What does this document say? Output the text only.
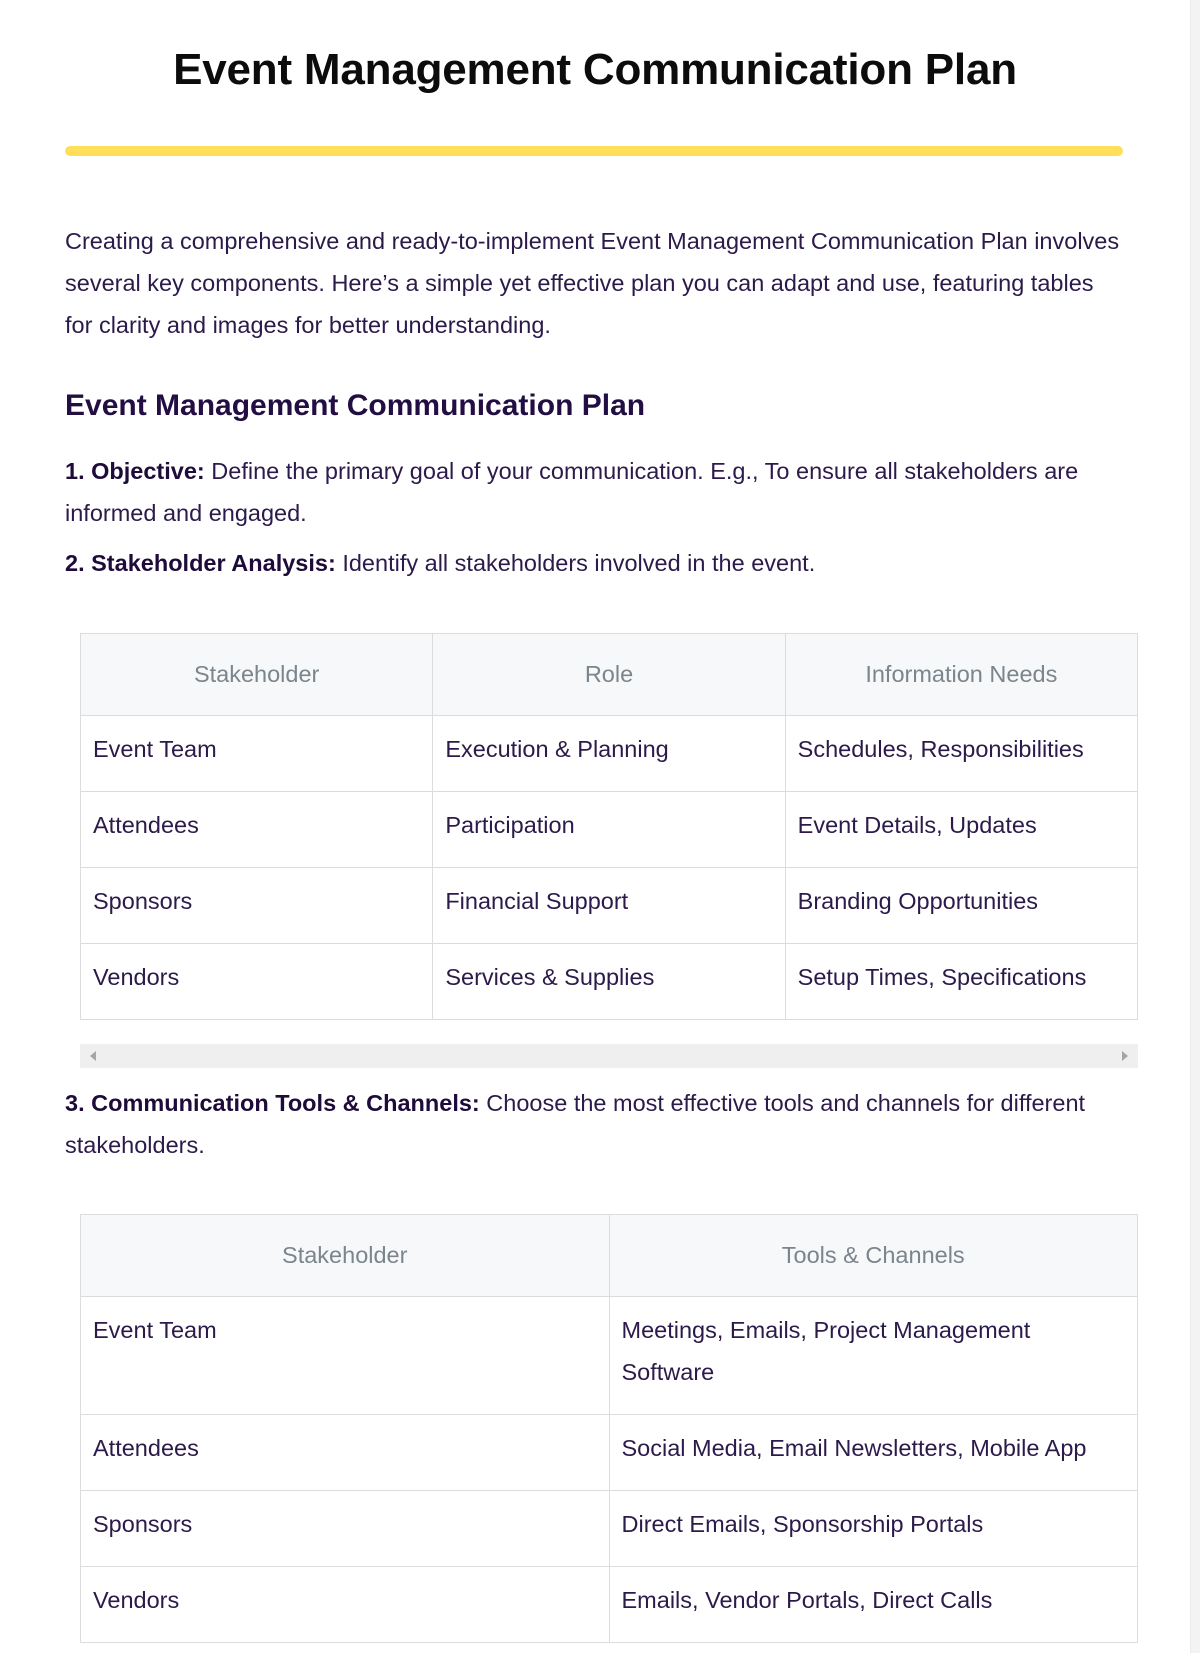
Event Management Communication Plan

Creating a comprehensive and ready-to-implement Event Management Communication Plan involves several key components. Here’s a simple yet effective plan you can adapt and use, featuring tables for clarity and images for better understanding.

Event Management Communication Plan

1. Objective: Define the primary goal of your communication. E.g., To ensure all stakeholders are informed and engaged.

2. Stakeholder Analysis: Identify all stakeholders involved in the event.

Stakeholder	Role	Information Needs
Event Team	Execution & Planning	Schedules, Responsibilities
Attendees	Participation	Event Details, Updates
Sponsors	Financial Support	Branding Opportunities
Vendors	Services & Supplies	Setup Times, Specifications

3. Communication Tools & Channels: Choose the most effective tools and channels for different stakeholders.

Stakeholder	Tools & Channels
Event Team	Meetings, Emails, Project Management Software
Attendees	Social Media, Email Newsletters, Mobile App
Sponsors	Direct Emails, Sponsorship Portals
Vendors	Emails, Vendor Portals, Direct Calls
